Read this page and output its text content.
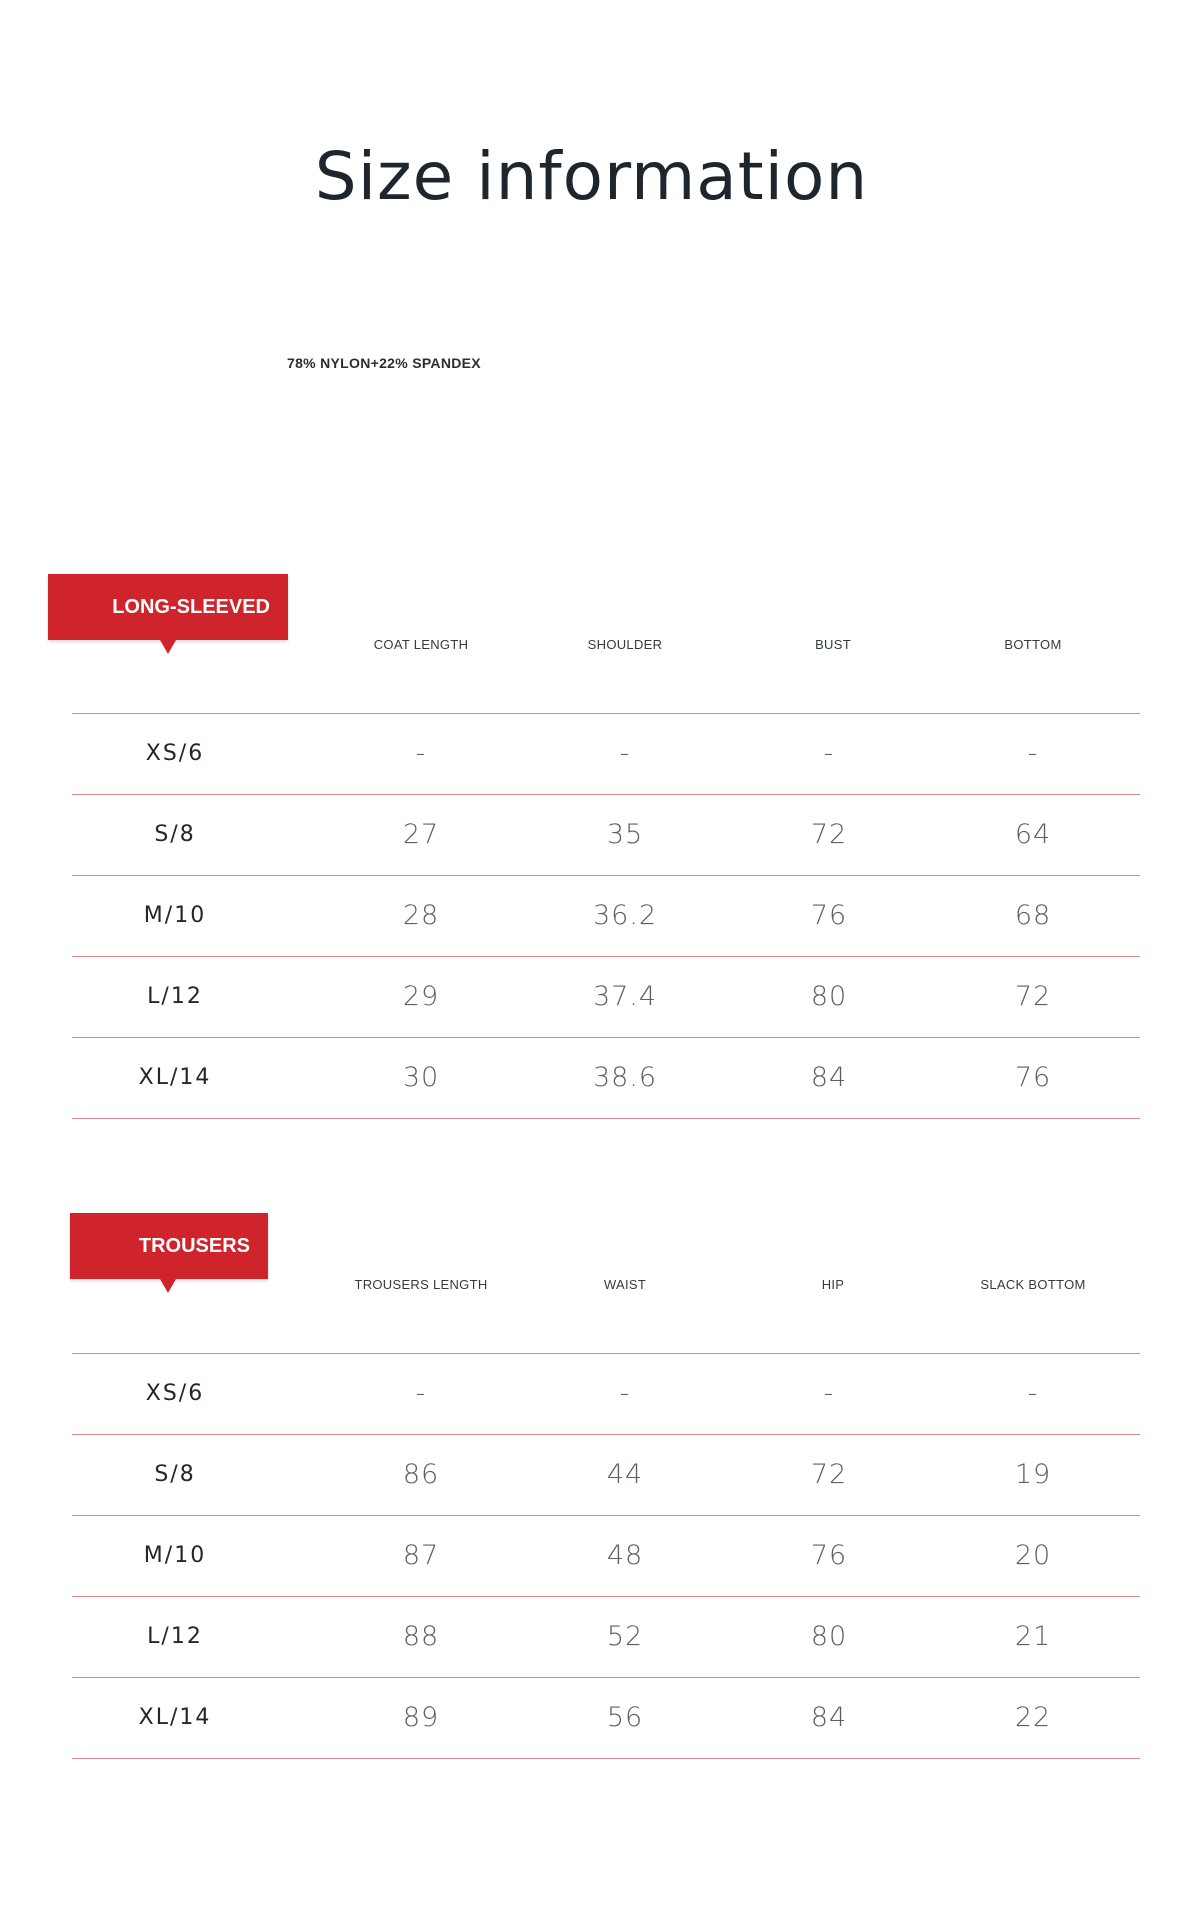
Size information
78% NYLON+22% SPANDEX
LONG-SLEEVED
COAT LENGTH	SHOULDER	BUST	BOTTOM
XS/6	-	-	-	-
S/8	27	35	72	64
M/10	28	36.2	76	68
L/12	29	37.4	80	72
XL/14	30	38.6	84	76
TROUSERS
TROUSERS LENGTH	WAIST	HIP	SLACK BOTTOM
XS/6	-	-	-	-
S/8	86	44	72	19
M/10	87	48	76	20
L/12	88	52	80	21
XL/14	89	56	84	22
